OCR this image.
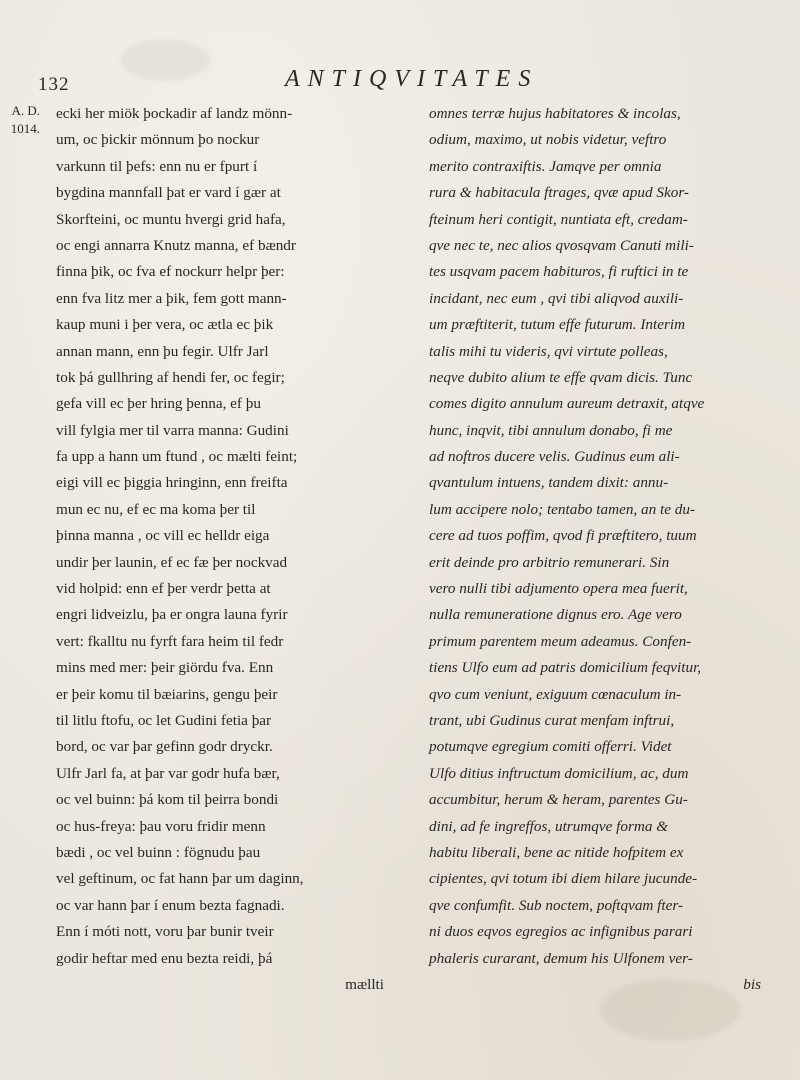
132	ANTIQVITATES
A. D.
1014.
ecki her miök þockadir af landz mönn-
um, oc þickir mönnum þo nockur
varkunn til þefs: enn nu er fpurt í
bygdina mannfall þat er vard í gær at
Skorfteini, oc muntu hvergi grid hafa,
oc engi annarra Knutz manna, ef bændr
finna þik, oc fva ef nockurr helpr þer:
enn fva litz mer a þik, fem gott mann-
kaup muni i þer vera, oc ætla ec þik
annan mann, enn þu fegir. Ulfr Jarl
tok þá gullhring af hendi fer, oc fegir;
gefa vill ec þer hring þenna, ef þu
vill fylgia mer til varra manna: Gudini
fa upp a hann um ftund , oc mælti feint;
eigi vill ec þiggia hringinn, enn freifta
mun ec nu, ef ec ma koma þer til
þinna manna , oc vill ec helldr eiga
undir þer launin, ef ec fæ þer nockvad
vid holpid: enn ef þer verdr þetta at
engri lidveizlu, þa er ongra launa fyrir
vert: fkalltu nu fyrft fara heim til fedr
mins med mer: þeir giördu fva. Enn
er þeir komu til bæiarins, gengu þeir
til litlu ftofu, oc let Gudini fetia þar
bord, oc var þar gefinn godr dryckr.
Ulfr Jarl fa, at þar var godr hufa bær,
oc vel buinn: þá kom til þeirra bondi
oc hus-freya: þau voru fridir menn
bædi , oc vel buinn : fögnudu þau
vel geftinum, oc fat hann þar um daginn,
oc var hann þar í enum bezta fagnadi.
Enn í móti nott, voru þar bunir tveir
godir heftar med enu bezta reidi, þá
mællti
omnes terræ hujus habitatores & incolas,
odium, maximo, ut nobis videtur, veftro
merito contraxiftis. Jamqve per omnia
rura & habitacula ftrages, qvæ apud Skor-
fteinum heri contigit, nuntiata eft, credam-
qve nec te, nec alios qvosqvam Canuti mili-
tes usqvam pacem habituros, fi ruftici in te
incidant, nec eum , qvi tibi aliqvod auxili-
um præftiterit, tutum effe futurum. Interim
talis mihi tu videris, qvi virtute polleas,
neqve dubito alium te effe qvam dicis. Tunc
comes digito annulum aureum detraxit, atqve
hunc, inqvit, tibi annulum donabo, fi me
ad noftros ducere velis. Gudinus eum ali-
qvantulum intuens, tandem dixit: annu-
lum accipere nolo; tentabo tamen, an te du-
cere ad tuos poffim, qvod fi præftitero, tuum
erit deinde pro arbitrio remunerari. Sin
vero nulli tibi adjumento opera mea fuerit,
nulla remuneratione dignus ero. Age vero
primum parentem meum adeamus. Confen-
tiens Ulfo eum ad patris domicilium feqvitur,
qvo cum veniunt, exiguum cœnaculum in-
trant, ubi Gudinus curat menfam inftrui,
potumqve egregium comiti offerri. Videt
Ulfo ditius inftructum domicilium, ac, dum
accumbitur, herum & heram, parentes Gu-
dini, ad fe ingreffos, utrumqve forma &
habitu liberali, bene ac nitide hofpitem ex
cipientes, qvi totum ibi diem hilare jucunde-
qve confumfit. Sub noctem, poftqvam fter-
ni duos eqvos egregios ac infignibus parari
phaleris curarant, demum his Ulfonem ver-
bis
